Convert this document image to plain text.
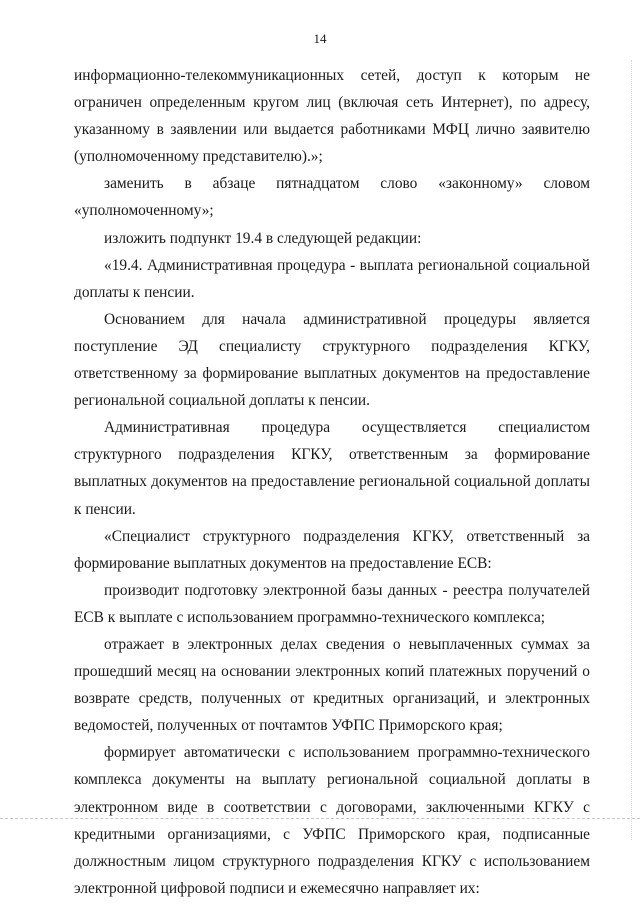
14

информационно-телекоммуникационных сетей, доступ к которым не ограничен определенным кругом лиц (включая сеть Интернет), по адресу, указанному в заявлении или выдается работниками МФЦ лично заявителю (уполномоченному представителю).»;

заменить в абзаце пятнадцатом слово «законному» словом «уполномоченному»;

изложить подпункт 19.4 в следующей редакции:

«19.4. Административная процедура - выплата региональной социальной доплаты к пенсии.

Основанием для начала административной процедуры является поступление ЭД специалисту структурного подразделения КГКУ, ответственному за формирование выплатных документов на предоставление региональной социальной доплаты к пенсии.

Административная процедура осуществляется специалистом структурного подразделения КГКУ, ответственным за формирование выплатных документов на предоставление региональной социальной доплаты к пенсии.

«Специалист структурного подразделения КГКУ, ответственный за формирование выплатных документов на предоставление ЕСВ:

производит подготовку электронной базы данных - реестра получателей ЕСВ к выплате с использованием программно-технического комплекса;

отражает в электронных делах сведения о невыплаченных суммах за прошедший месяц на основании электронных копий платежных поручений о возврате средств, полученных от кредитных организаций, и электронных ведомостей, полученных от почтамтов УФПС Приморского края;

формирует автоматически с использованием программно-технического комплекса документы на выплату региональной социальной доплаты в электронном виде в соответствии с договорами, заключенными КГКУ с кредитными организациями, с УФПС Приморского края, подписанные должностным лицом структурного подразделения КГКУ с использованием электронной цифровой подписи и ежемесячно направляет их:
